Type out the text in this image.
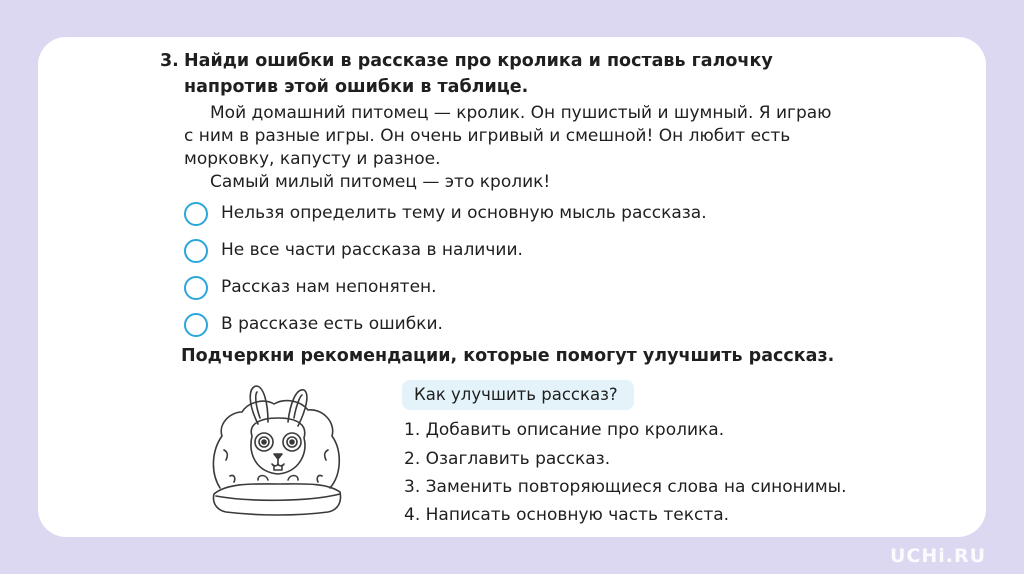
3. Найди ошибки в рассказе про кролика и поставь галочку
напротив этой ошибки в таблице.
Мой домашний питомец — кролик. Он пушистый и шумный. Я играю
с ним в разные игры. Он очень игривый и смешной! Он любит есть
морковку, капусту и разное.
Самый милый питомец — это кролик!
Нельзя определить тему и основную мысль рассказа.
Не все части рассказа в наличии.
Рассказ нам непонятен.
В рассказе есть ошибки.
Подчеркни рекомендации, которые помогут улучшить рассказ.
Как улучшить рассказ?
1. Добавить описание про кролика.
2. Озаглавить рассказ.
3. Заменить повторяющиеся слова на синонимы.
4. Написать основную часть текста.
UCHi.RU
